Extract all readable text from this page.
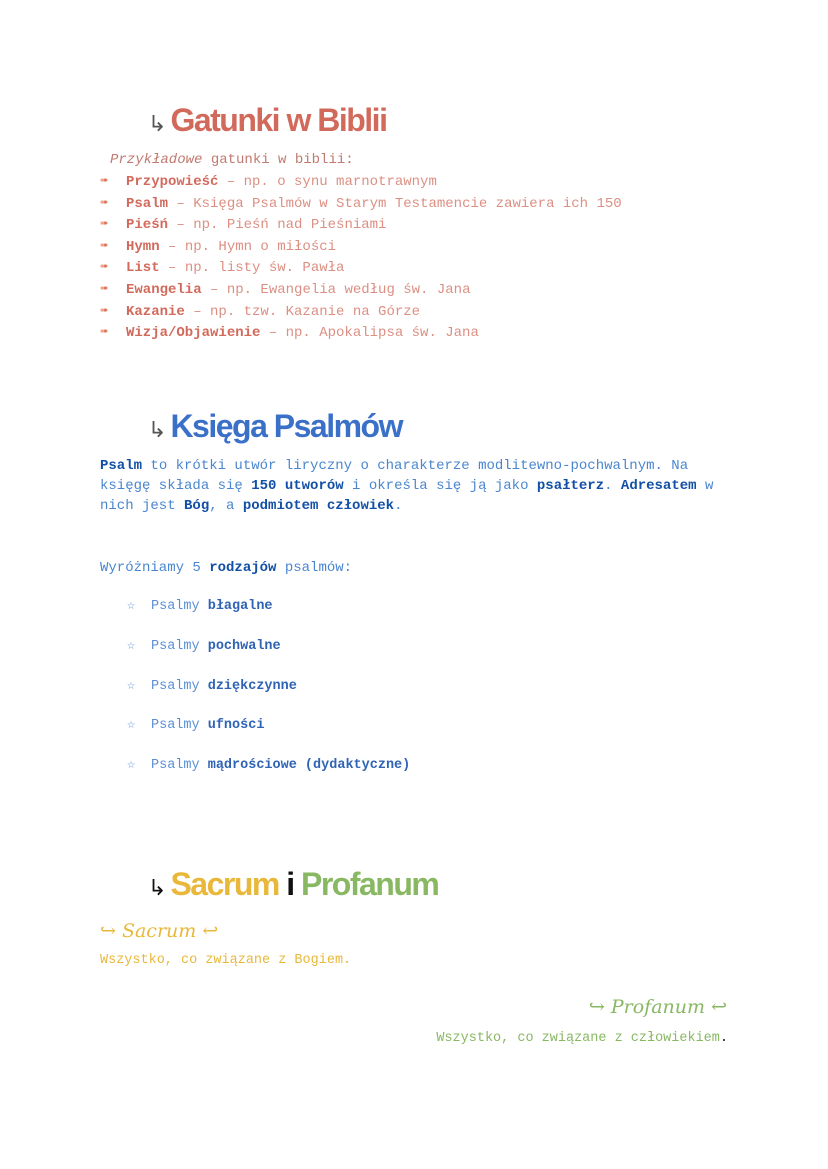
↳ Gatunki w Biblii
Przykładowe gatunki w biblii:
➠ Przypowieść – np. o synu marnotrawnym
➠ Psalm – Księga Psalmów w Starym Testamencie zawiera ich 150
➠ Pieśń – np. Pieśń nad Pieśniami
➠ Hymn – np. Hymn o miłości
➠ List – np. listy św. Pawła
➠ Ewangelia – np. Ewangelia według św. Jana
➠ Kazanie – np. tzw. Kazanie na Górze
➠ Wizja/Objawienie – np. Apokalipsa św. Jana
↳ Księga Psalmów
Psalm to krótki utwór liryczny o charakterze modlitewno-pochwalnym. Na księgę składa się 150 utworów i określa się ją jako psałterz. Adresatem w nich jest Bóg, a podmiotem człowiek.
Wyróżniamy 5 rodzajów psalmów:
☆ Psalmy błagalne
☆ Psalmy pochwalne
☆ Psalmy dziękczynne
☆ Psalmy ufności
☆ Psalmy mądrościowe (dydaktyczne)
↳ Sacrum i Profanum
↪ Sacrum ↩
Wszystko, co związane z Bogiem.
↪ Profanum ↩
Wszystko, co związane z człowiekiem.
